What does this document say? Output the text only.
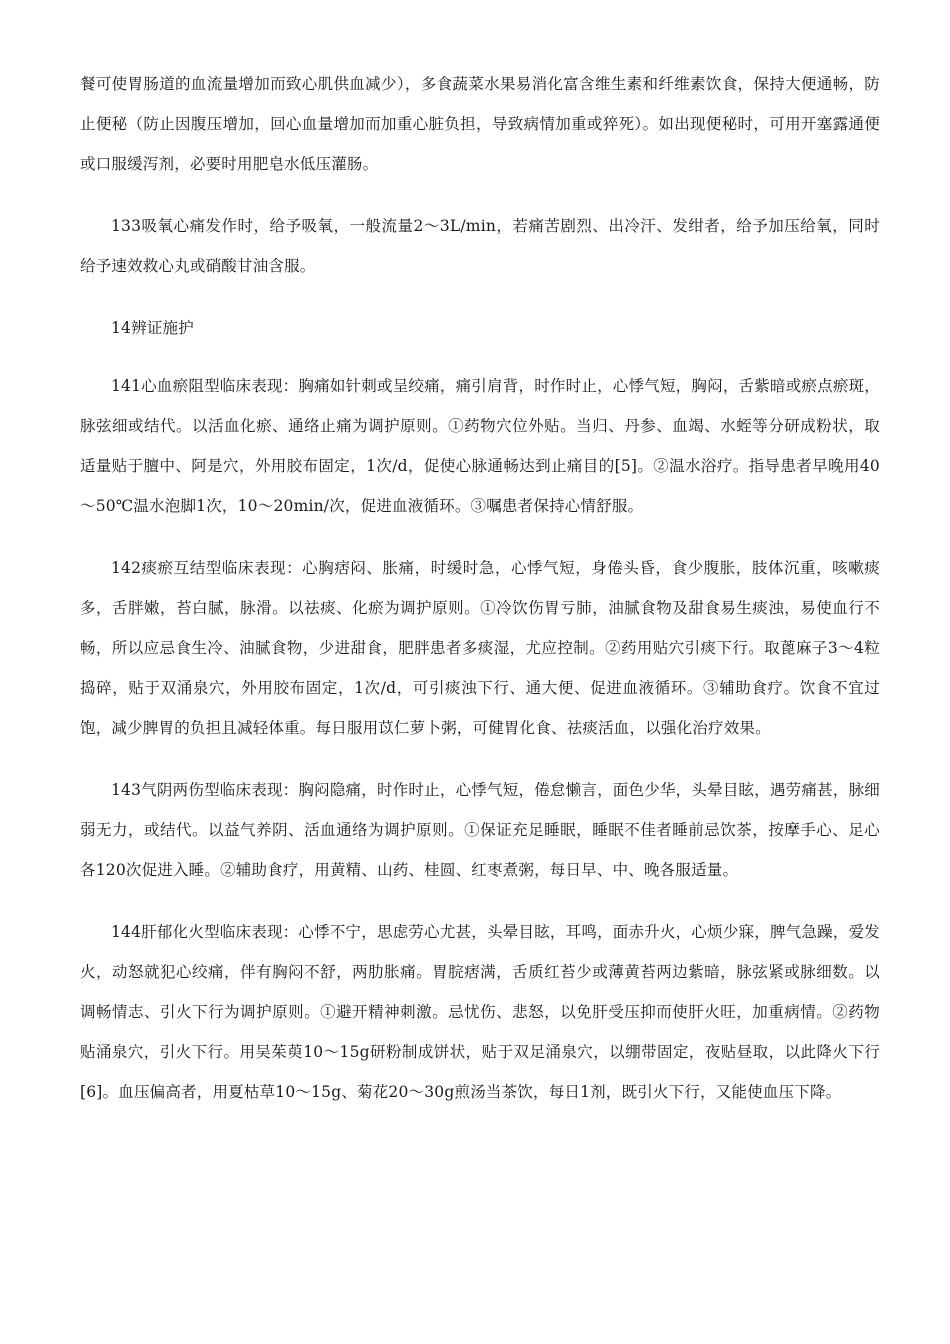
餐可使胃肠道的血流量增加而致心肌供血减少），多食蔬菜水果易消化富含维生素和纤维素饮食，保持大便通畅，防止便秘（防止因腹压增加，回心血量增加而加重心脏负担，导致病情加重或猝死）。如出现便秘时，可用开塞露通便或口服缓泻剂，必要时用肥皂水低压灌肠。

133吸氧心痛发作时，给予吸氧，一般流量2～3L/min，若痛苦剧烈、出冷汗、发绀者，给予加压给氧，同时给予速效救心丸或硝酸甘油含服。

14辨证施护

141心血瘀阻型临床表现：胸痛如针刺或呈绞痛，痛引肩背，时作时止，心悸气短，胸闷，舌紫暗或瘀点瘀斑，脉弦细或结代。以活血化瘀、通络止痛为调护原则。①药物穴位外贴。当归、丹参、血竭、水蛭等分研成粉状，取适量贴于膻中、阿是穴，外用胶布固定，1次/d，促使心脉通畅达到止痛目的[5]。②温水浴疗。指导患者早晚用40～50℃温水泡脚1次，10～20min/次，促进血液循环。③嘱患者保持心情舒服。

142痰瘀互结型临床表现：心胸痞闷、胀痛，时缓时急，心悸气短，身倦头昏，食少腹胀，肢体沉重，咳嗽痰多，舌胖嫩，苔白腻，脉滑。以祛痰、化瘀为调护原则。①冷饮伤胃亏肺，油腻食物及甜食易生痰浊，易使血行不畅，所以应忌食生冷、油腻食物，少进甜食，肥胖患者多痰湿，尤应控制。②药用贴穴引痰下行。取蓖麻子3～4粒捣碎，贴于双涌泉穴，外用胶布固定，1次/d，可引痰浊下行、通大便、促进血液循环。③辅助食疗。饮食不宜过饱，减少脾胃的负担且减轻体重。每日服用苡仁萝卜粥，可健胃化食、祛痰活血，以强化治疗效果。

143气阴两伤型临床表现：胸闷隐痛，时作时止，心悸气短，倦怠懒言，面色少华，头晕目眩，遇劳痛甚，脉细弱无力，或结代。以益气养阴、活血通络为调护原则。①保证充足睡眠，睡眠不佳者睡前忌饮茶，按摩手心、足心各120次促进入睡。②辅助食疗，用黄精、山药、桂圆、红枣煮粥，每日早、中、晚各服适量。

144肝郁化火型临床表现：心悸不宁，思虑劳心尤甚，头晕目眩，耳鸣，面赤升火，心烦少寐，脾气急躁，爱发火，动怒就犯心绞痛，伴有胸闷不舒，两肋胀痛。胃脘痞满，舌质红苔少或薄黄苔两边紫暗，脉弦紧或脉细数。以调畅情志、引火下行为调护原则。①避开精神刺激。忌忧伤、悲怒，以免肝受压抑而使肝火旺，加重病情。②药物贴涌泉穴，引火下行。用吴茱萸10～15g研粉制成饼状，贴于双足涌泉穴，以绷带固定，夜贴昼取，以此降火下行[6]。血压偏高者，用夏枯草10～15g、菊花20～30g煎汤当茶饮，每日1剂，既引火下行，又能使血压下降。
